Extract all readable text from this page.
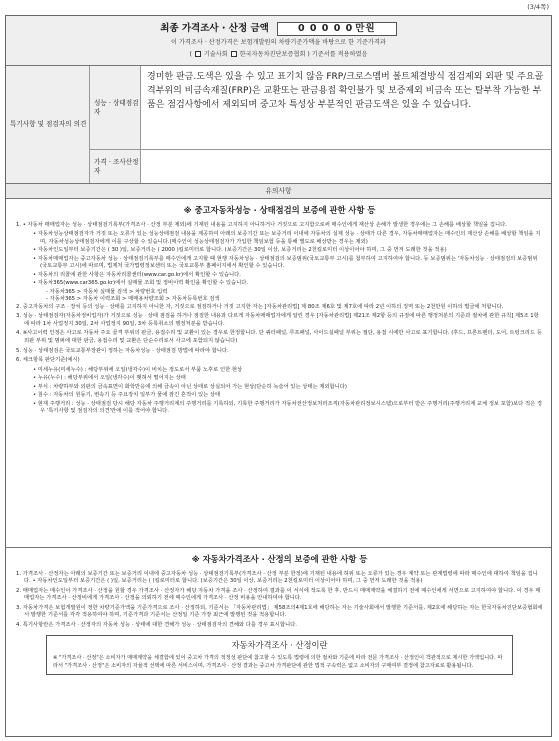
(3/4쪽)
최종 가격조사 · 산정 금액	0 0 0 0 0 만원
이 가격조사 · 산정가격은 보험개발원의 차량기준가액을 바탕으로 한 기준가격과
( 기술사회 한국자동차진단보증협회 ) 기준서를 적용하였음
특기사항 및 점검자의 의견
성능 · 상태점검자
경미한 판금.도색은 있을 수 있고 표기치 않음 FRP/크로스멤버 볼트체결방식 점검제외 외판 및 주요골격부위의 비금속재질(FRP)은 교환또는 판금용접 확인불가 및 보증제외 비금속 또는 탈부착 가능한 부품은 점검사항에서 제외되며 중고차 특성상 부분적인 판금도색은 있을 수 있습니다.
가격 · 조사산정자
유의사항
※ 중고자동차성능 · 상태점검의 보증에 관한 사항 등
1. • 자동차 매매업자는 성능 · 상태점검기록부(가격조사 · 산정 부분 제외)에 기재된 내용을 고지하지 아니하거나 거짓으로 고지함으로써 매수인에게 재산상 손해가 발생한 경우에는 그 손해를 배상할 책임을 집니다.
• 자동차성능상태점검자가 거짓 또는 오류가 있는 성능상태점검 내용을 제공하여 아래의 보증기간 또는 보증거리 이내에 자동차의 실제 성능 · 상태가 다른 경우, 자동차매매업자는 매수인의 재산상 손해를 배상할 책임을 지며, 자동차성능상태점검자에게 이를 구상할 수 있습니다.(매수인이 성능상태점검자가 가입한 책임보험 등을 통해 별도로 배상받는 경우는 제외)
• 자동차인도일부터 보증기간은 ( 30 )일, 보증거리는 ( 2000 )킬로미터로 합니다. (보증기간은 30일 이상, 보증거리는 2천킬로미터 이상이어야 하며, 그 중 먼저 도래한 것을 적용)
• 자동차매매업자는 중고자동차 성능 · 상태점검기록부를 매수인에게 고지할 때 현행 자동차성능 · 상태점검의 보증범위(국토교통부 고시)를 첨부하여 고지하여야 합니다. 등 보증범위는 '자동차성능 · 상태점검의 보증범위(국토교통부 고시)에 따르며, 법제처 국가법령정보센터 또는 국토교통부 홈페이지에서 확인할 수 있습니다.
• 자동차의 리콜에 관한 사항은 자동차리콜센터(www.car.go.kr)에서 확인할 수 있습니다.
• 자동차365(www.car365.go.kr)에서 실매물 조회 및 정비이력 확인을 확인할 수 있습니다.
- 자동차365 > 자동차 실매물 검색 > 차량번호 입력
- 자동차365 > 자동차 이력조회 > 매매용차량조회 > 자동차등록번호 검색
2. 중고자동차의 구조 · 장치 등의 성능 · 상태를 고지하지 아니한 자, 거짓으로 점검하거나 거짓 고지한 자는 [자동차관리법] 제 80조 제6호 및 제7호에 따라 2년 이하의 징역 또는 2천만원 이하의 벌금에 처합니다.
3. 성능 · 상태점검자(자동차정비업자)가 거짓으로 성능 · 상태 점검을 하거나 점검한 내용과 다르게 자동차매매업자에게 알린 경우 [자동차관리법] 제21조 제2항 등의 규정에 따른 행정처분의 기준과 절차에 관한 규칙] 제5조 1항에 따라 1차 사업정지 30일, 2차 사업정지 90일, 3차 등록취소의 행정처분을 받습니다.
4. ※사고이력 인정은 사고로 자동차 주요 골격 부위의 판금, 용접수리 및 교환이 있는 경우로 한정합니다. 단 쿼터패널, 루프패널, 사이드실패널 부위는 절단, 용접 시에만 사고로 표기합니다. (후드, 프론트펜더, 도어, 트렁크리드 등 외판 부위 및 범퍼에 대한 판금, 용접수리 및 교환은 단순수리로서 사고에 포함되지 않습니다)
5. 성능 · 상태점검은 국토교통부장관이 정하는 자동차성능 · 상태점검 방법에 따라야 합니다.
6. 체크항목 판단기준(예시)
• 미세누유(미세누수) : 해당부위에 오일(냉각수)이 비치는 정도로서 부품 노후로 인한 현상
• 누유(누수) : 해당부위에서 오일(냉각수)이 맺혀서 떨어지는 상태
• 부식 : 차량하부와 외판의 금속표면이 화학반응에 의해 금속이 아닌 상태로 상실되어 가는 현상(단순히 녹슬어 있는 상태는 제외합니다)
• 침수 : 자동차의 원동기, 변속기 등 주요장치 일부가 물에 잠긴 흔적이 있는 상태
• 현재 주행거리 : 성능 · 상태점검 당시 해당 자동차 주행거리계의 주행거리를 기록하되, 기록한 주행거리가 자동차전산정보처리조직(자동차관리정보시스템)으로부터 받은 주행거리(주행거리계 교체 정보 포함)보다 적은 경우 '특기사항 및 점검자의 의견'란에 이를 적어야 합니다.
※ 자동차가격조사 · 산정의 보증에 관한 사항 등
1. 가격조사 · 산정자는 아래의 보증기간 또는 보증거리 이내에 중고자동차 성능 · 상태점검기록부(가격조사 · 산정 부분 한정)에 기재된 내용에 허위 또는 오류가 있는 경우 계약 또는 관계법령에 따라 매수인에 대하여 책임을 집니다. • 자동차인도일부터 보증기간은 ( )일, 보증거리는 ( )킬로미터로 합니다. (보증기간은 30일 이상, 보증거리는 2천킬로미터 이상이어야 하며, 그 중 먼저 도래한 것을 적용)
2. 매매업자는 매수인이 가격조사 · 산정을 원할 경우 가격조사 · 산정자가 해당 자동차 가격을 조사 · 산정하여 결과를 이 서식에 적도록 한 후, 반드시 매매계약을 체결하기 전에 매수인에게 서면으로 고지하여야 합니다. 이 경우 매매업자는 가격조사 · 산정비에게 가격조사 · 산정을 의뢰하기 전에 매수인에게 가격조사 · 산정 비용을 안내하여야 합니다.
3. 자동차가격은 보험개발원이 정한 차량기준가액을 기준가격으로 조사 · 산정하되, 기준서는 「자동차관리법」 제58조의4제1호에 해당하는 자는 기술사회에서 발행한 기준서를, 제2호에 해당하는 자는 한국자동차진단보증협회에서 발행한 기준서를 각각 적용하여야 하며, 기준가격과 기준서는 산정일 기준 가장 최근에 발행된 것을 적용합니다.
4. 특기사항란은 가격조사 · 산정자의 자동차 성능 · 상태에 대한 견해가 성능 · 상태점검자의 견해와 다를 경우 표시합니다.
자동차가격조사 · 산정이란
※ "가격조사 · 산정"은 소비자가 매매계약을 체결함에 있어 중고차 가격의 적정성 판단에 참고할 수 있도록 법령에 의한 절차와 기준에 따라 전문 가격조사 · 산정인이 객관적으로 제시한 가액입니다. 따라서 "가격조사 · 산정"은 소비자의 자율적 선택에 따른 서비스이며, 가격조사 · 산정 결과는 중고차 가격판단에 관한 법적 구속력은 없고 소비자의 구매여부 결정에 참고자료로 활용됩니다.
